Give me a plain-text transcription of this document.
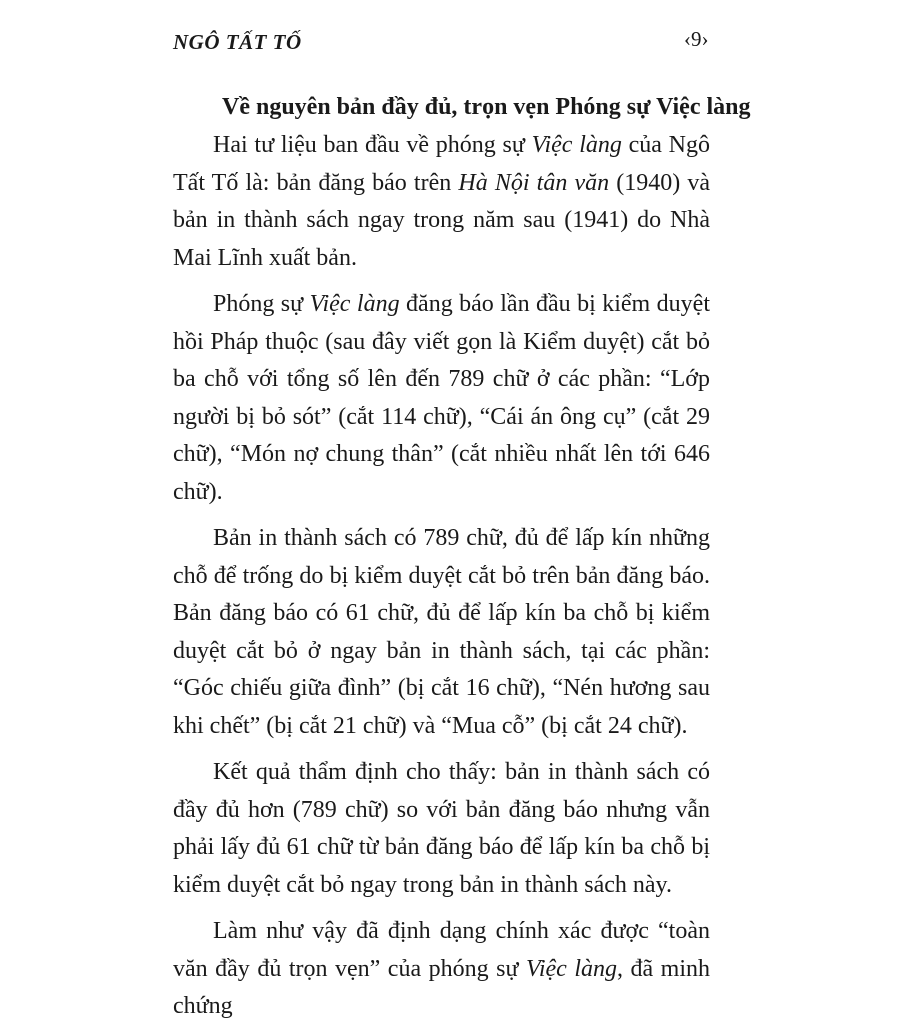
NGÔ TẤT TỐ	‹9›
Về nguyên bản đầy đủ, trọn vẹn Phóng sự Việc làng

Hai tư liệu ban đầu về phóng sự Việc làng của Ngô Tất Tố là: bản đăng báo trên Hà Nội tân văn (1940) và bản in thành sách ngay trong năm sau (1941) do Nhà Mai Lĩnh xuất bản.

Phóng sự Việc làng đăng báo lần đầu bị kiểm duyệt hồi Pháp thuộc (sau đây viết gọn là Kiểm duyệt) cắt bỏ ba chỗ với tổng số lên đến 789 chữ ở các phần: “Lớp người bị bỏ sót” (cắt 114 chữ), “Cái án ông cụ” (cắt 29 chữ), “Món nợ chung thân” (cắt nhiều nhất lên tới 646 chữ).

Bản in thành sách có 789 chữ, đủ để lấp kín những chỗ để trống do bị kiểm duyệt cắt bỏ trên bản đăng báo. Bản đăng báo có 61 chữ, đủ để lấp kín ba chỗ bị kiểm duyệt cắt bỏ ở ngay bản in thành sách, tại các phần: “Góc chiếu giữa đình” (bị cắt 16 chữ), “Nén hương sau khi chết” (bị cắt 21 chữ) và “Mua cỗ” (bị cắt 24 chữ).

Kết quả thẩm định cho thấy: bản in thành sách có đầy đủ hơn (789 chữ) so với bản đăng báo nhưng vẫn phải lấy đủ 61 chữ từ bản đăng báo để lấp kín ba chỗ bị kiểm duyệt cắt bỏ ngay trong bản in thành sách này.

Làm như vậy đã định dạng chính xác được “toàn văn đầy đủ trọn vẹn” của phóng sự Việc làng, đã minh chứng
